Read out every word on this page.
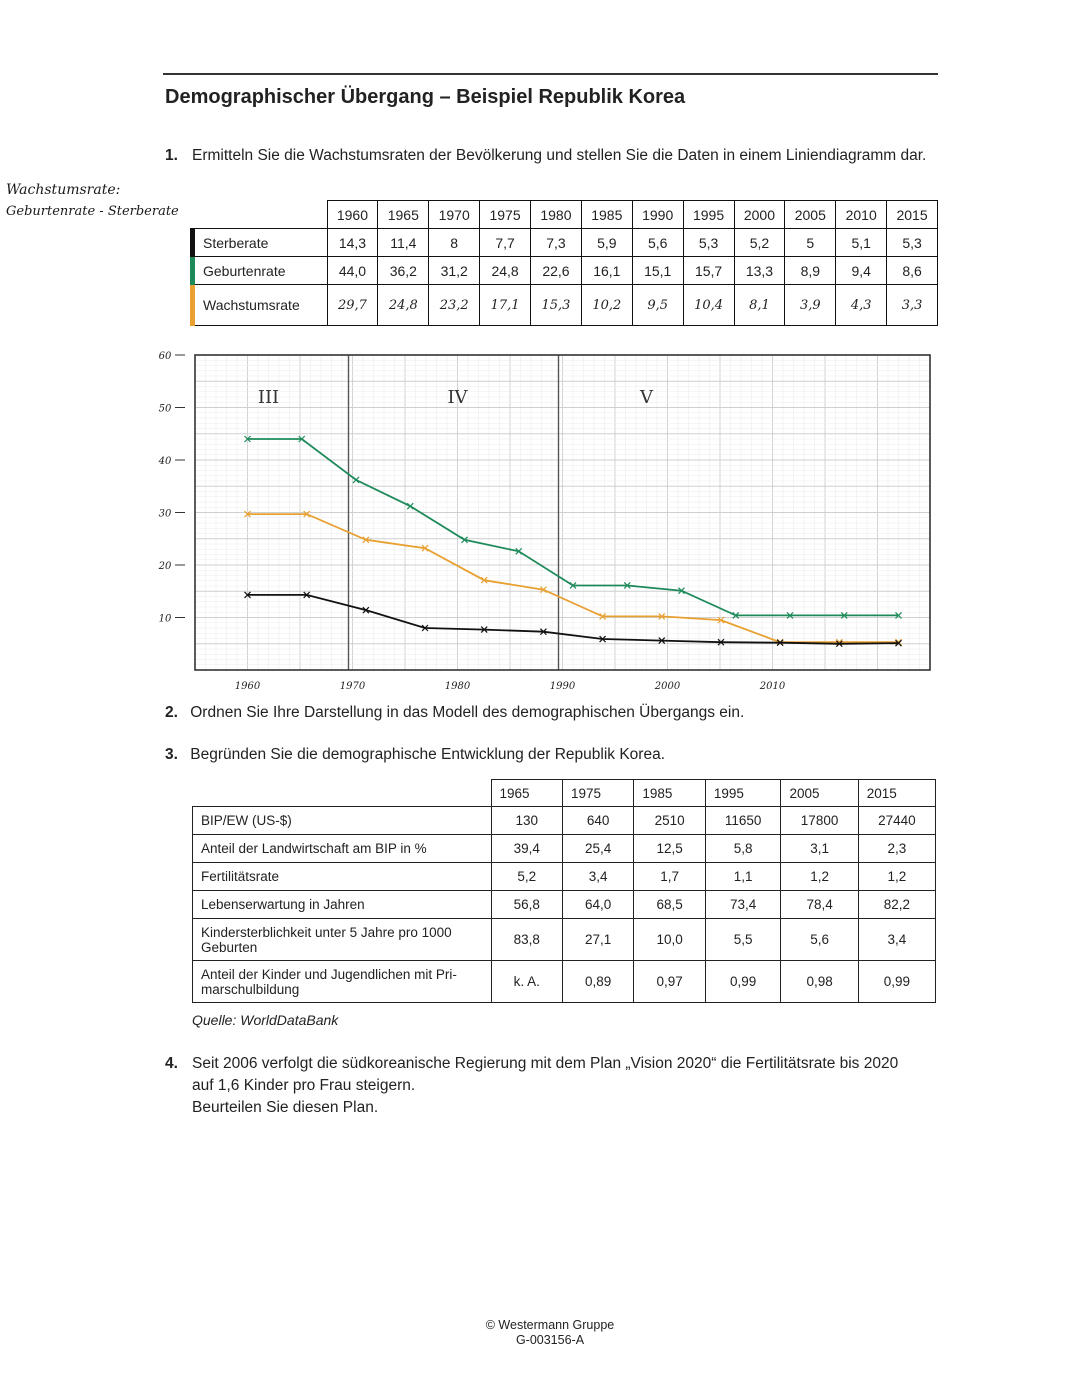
Demographischer Übergang – Beispiel Republik Korea
Wachstumsrate:
Geburtenrate - Sterberate
1. Ermitteln Sie die Wachstumsraten der Bevölkerung und stellen Sie die Daten in einem Liniendiagramm dar.
	1960	1965	1970	1975	1980	1985	1990	1995	2000	2005	2010	2015
Sterberate	14,3	11,4	8	7,7	7,3	5,9	5,6	5,3	5,2	5	5,1	5,3
Geburtenrate	44,0	36,2	31,2	24,8	22,6	16,1	15,1	15,7	13,3	8,9	9,4	8,6
Wachstumsrate	29,7	24,8	23,2	17,1	15,3	10,2	9,5	10,4	8,1	3,9	4,3	3,3
10
20
30
40
50
60
1960	1970	1980	1990	2000	2010
III	IV	V
2. Ordnen Sie Ihre Darstellung in das Modell des demographischen Übergangs ein.
3. Begründen Sie die demographische Entwicklung der Republik Korea.
	1965	1975	1985	1995	2005	2015
BIP/EW (US-$)	130	640	2510	11650	17800	27440
Anteil der Landwirtschaft am BIP in %	39,4	25,4	12,5	5,8	3,1	2,3
Fertilitätsrate	5,2	3,4	1,7	1,1	1,2	1,2
Lebenserwartung in Jahren	56,8	64,0	68,5	73,4	78,4	82,2
Kindersterblichkeit unter 5 Jahre pro 1000 Geburten	83,8	27,1	10,0	5,5	5,6	3,4
Anteil der Kinder und Jugendlichen mit Pri-marschulbildung	k. A.	0,89	0,97	0,99	0,98	0,99
Quelle: WorldDataBank
4. Seit 2006 verfolgt die südkoreanische Regierung mit dem Plan „Vision 2020“ die Fertilitätsrate bis 2020
auf 1,6 Kinder pro Frau steigern.
Beurteilen Sie diesen Plan.
© Westermann Gruppe
G-003156-A
